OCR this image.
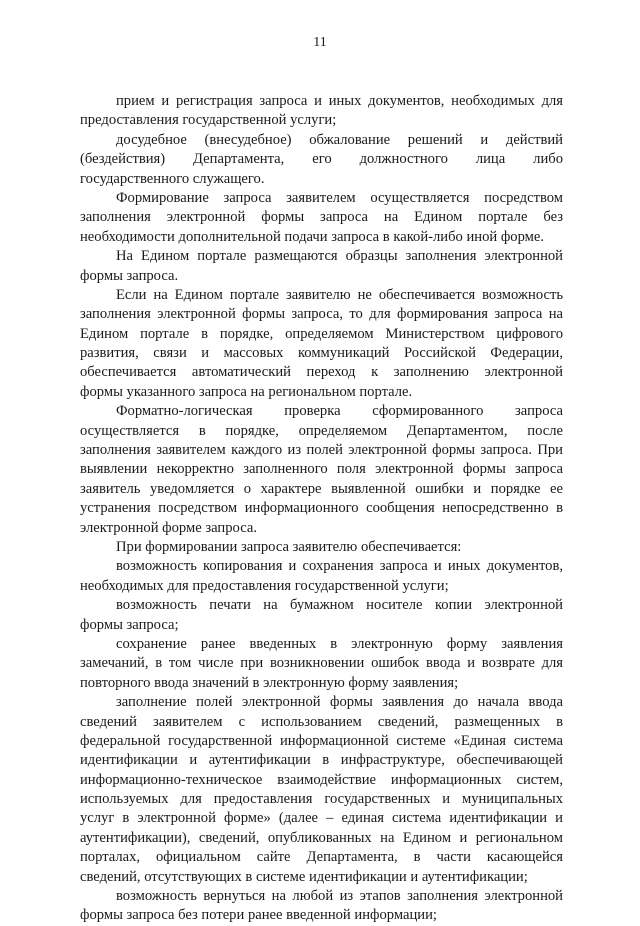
11
прием и регистрация запроса и иных документов, необходимых для
предоставления государственной услуги;
досудебное (внесудебное) обжалование решений и действий
(бездействия) Департамента, его должностного лица либо
государственного служащего.
Формирование запроса заявителем осуществляется посредством
заполнения электронной формы запроса на Едином портале без
необходимости дополнительной подачи запроса в какой-либо иной форме.
На Едином портале размещаются образцы заполнения электронной
формы запроса.
Если на Едином портале заявителю не обеспечивается возможность
заполнения электронной формы запроса, то для формирования запроса на
Едином портале в порядке, определяемом Министерством цифрового
развития, связи и массовых коммуникаций Российской Федерации,
обеспечивается автоматический переход к заполнению электронной
формы указанного запроса на региональном портале.
Форматно-логическая проверка сформированного запроса
осуществляется в порядке, определяемом Департаментом, после
заполнения заявителем каждого из полей электронной формы запроса. При
выявлении некорректно заполненного поля электронной формы запроса
заявитель уведомляется о характере выявленной ошибки и порядке ее
устранения посредством информационного сообщения непосредственно в
электронной форме запроса.
При формировании запроса заявителю обеспечивается:
возможность копирования и сохранения запроса и иных документов,
необходимых для предоставления государственной услуги;
возможность печати на бумажном носителе копии электронной
формы запроса;
сохранение ранее введенных в электронную форму заявления
замечаний, в том числе при возникновении ошибок ввода и возврате для
повторного ввода значений в электронную форму заявления;
заполнение полей электронной формы заявления до начала ввода
сведений заявителем с использованием сведений, размещенных в
федеральной государственной информационной системе «Единая система
идентификации и аутентификации в инфраструктуре, обеспечивающей
информационно-техническое взаимодействие информационных систем,
используемых для предоставления государственных и муниципальных
услуг в электронной форме» (далее – единая система идентификации и
аутентификации), сведений, опубликованных на Едином и региональном
порталах, официальном сайте Департамента, в части касающейся
сведений, отсутствующих в системе идентификации и аутентификации;
возможность вернуться на любой из этапов заполнения электронной
формы запроса без потери ранее введенной информации;
